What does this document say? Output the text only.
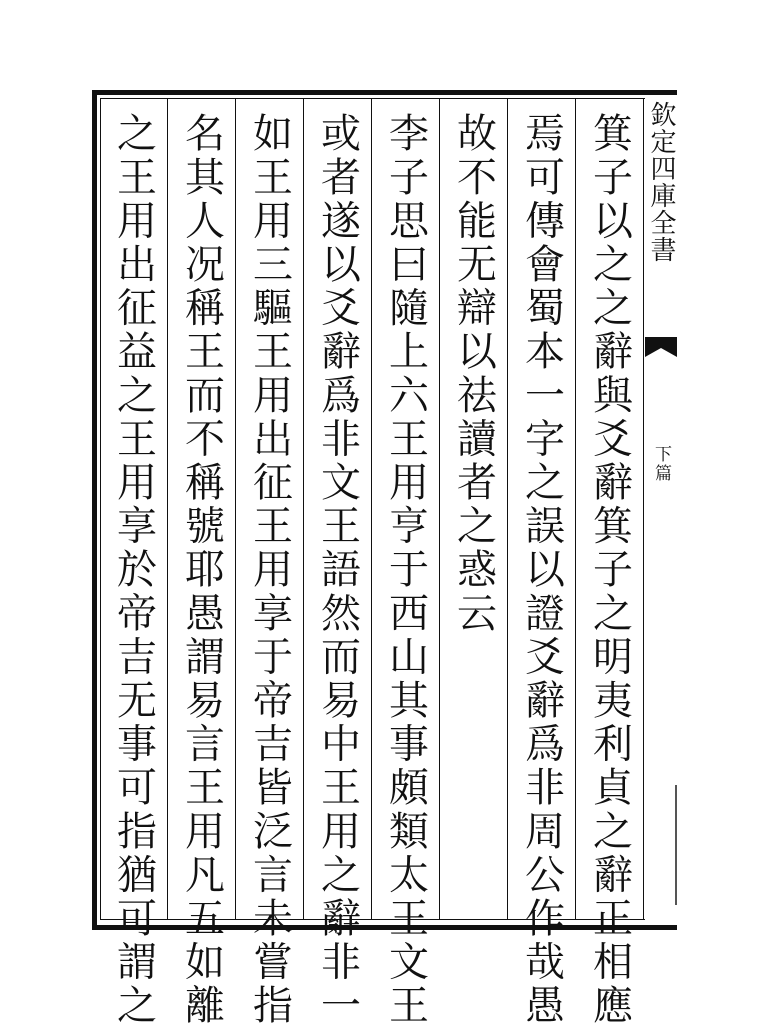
箕子以之之辭與爻辭箕子之明夷利貞之辭正相應
焉可傳會蜀本一字之誤以證爻辭爲非周公作哉愚
故不能无辯以祛讀者之惑云
李子思曰隨上六王用亨于西山其事頗類太王文王
或者遂以爻辭爲非文王語然而易中王用之辭非一
如王用三驅王用出征王用享于帝吉皆泛言未嘗指
名其人况稱王而不稱號耶愚謂易言王用凡五如離
之王用出征益之王用享於帝吉无事可指猶可謂之	欽定四庫全書
下篇
